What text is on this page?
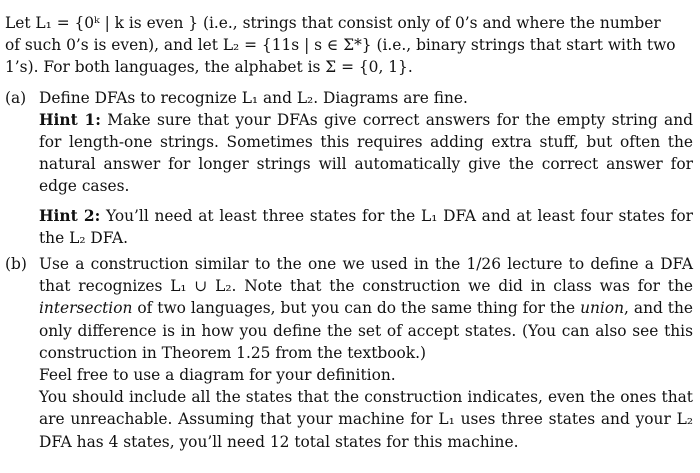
Let L₁ = {0ᵏ | k is even } (i.e., strings that consist only of 0’s and where the number
of such 0’s is even), and let L₂ = {11s | s ∈ Σ*} (i.e., binary strings that start with two
1’s). For both languages, the alphabet is Σ = {0, 1}.
(a) Define DFAs to recognize L₁ and L₂. Diagrams are fine.

Hint 1: Make sure that your DFAs give correct answers for the empty string and for length-one strings. Sometimes this requires adding extra stuff, but often the natural answer for longer strings will automatically give the correct answer for edge cases.

Hint 2: You’ll need at least three states for the L₁ DFA and at least four states for the L₂ DFA.

(b) Use a construction similar to the one we used in the 1/26 lecture to define a DFA that recognizes L₁ ∪ L₂. Note that the construction we did in class was for the intersection of two languages, but you can do the same thing for the union, and the only difference is in how you define the set of accept states. (You can also see this construction in Theorem 1.25 from the textbook.)

Feel free to use a diagram for your definition.

You should include all the states that the construction indicates, even the ones that are unreachable. Assuming that your machine for L₁ uses three states and your L₂ DFA has 4 states, you’ll need 12 total states for this machine.
